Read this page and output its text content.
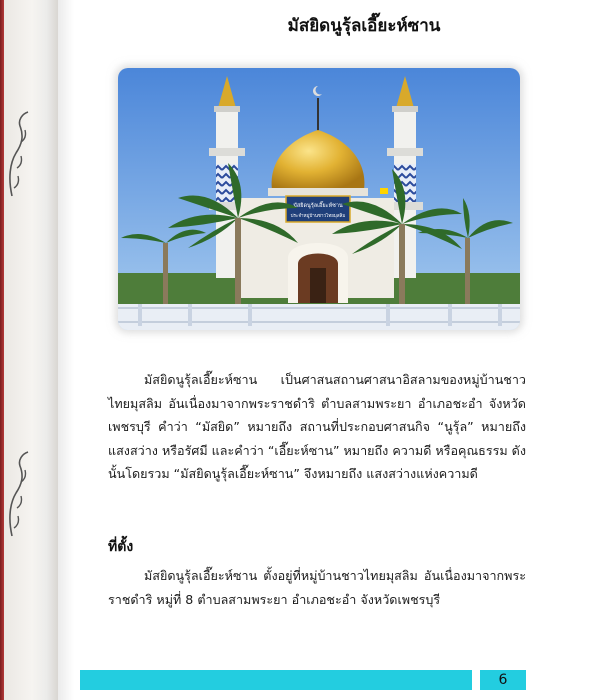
มัสยิดนูรุ้ลเอี๊ยะห์ซาน
มัสยิดนูรุ้ลเอี๊ยะห์ซาน
ประจำหมู่บ้านชาวไทยมุสลิม
มัสยิดนูรุ้ลเอี๊ยะห์ซาน เป็นศาสนสถานศาสนาอิสลามของหมู่บ้านชาวไทยมุสลิม อันเนื่องมาจากพระราชดำริ ตำบลสามพระยา อำเภอชะอำ จังหวัดเพชรบุรี คำว่า “มัสยิด” หมายถึง สถานที่ประกอบศาสนกิจ “นูรุ้ล” หมายถึง แสงสว่าง หรือรัศมี และคำว่า “เอี๊ยะห์ซาน” หมายถึง ความดี หรือคุณธรรม ดังนั้นโดยรวม “มัสยิดนูรุ้ลเอี๊ยะห์ซาน” จึงหมายถึง แสงสว่างแห่งความดี
ที่ตั้ง
มัสยิดนูรุ้ลเอี๊ยะห์ซาน ตั้งอยู่ที่หมู่บ้านชาวไทยมุสลิม อันเนื่องมาจากพระราชดำริ หมู่ที่ 8 ตำบลสามพระยา อำเภอชะอำ จังหวัดเพชรบุรี
6
